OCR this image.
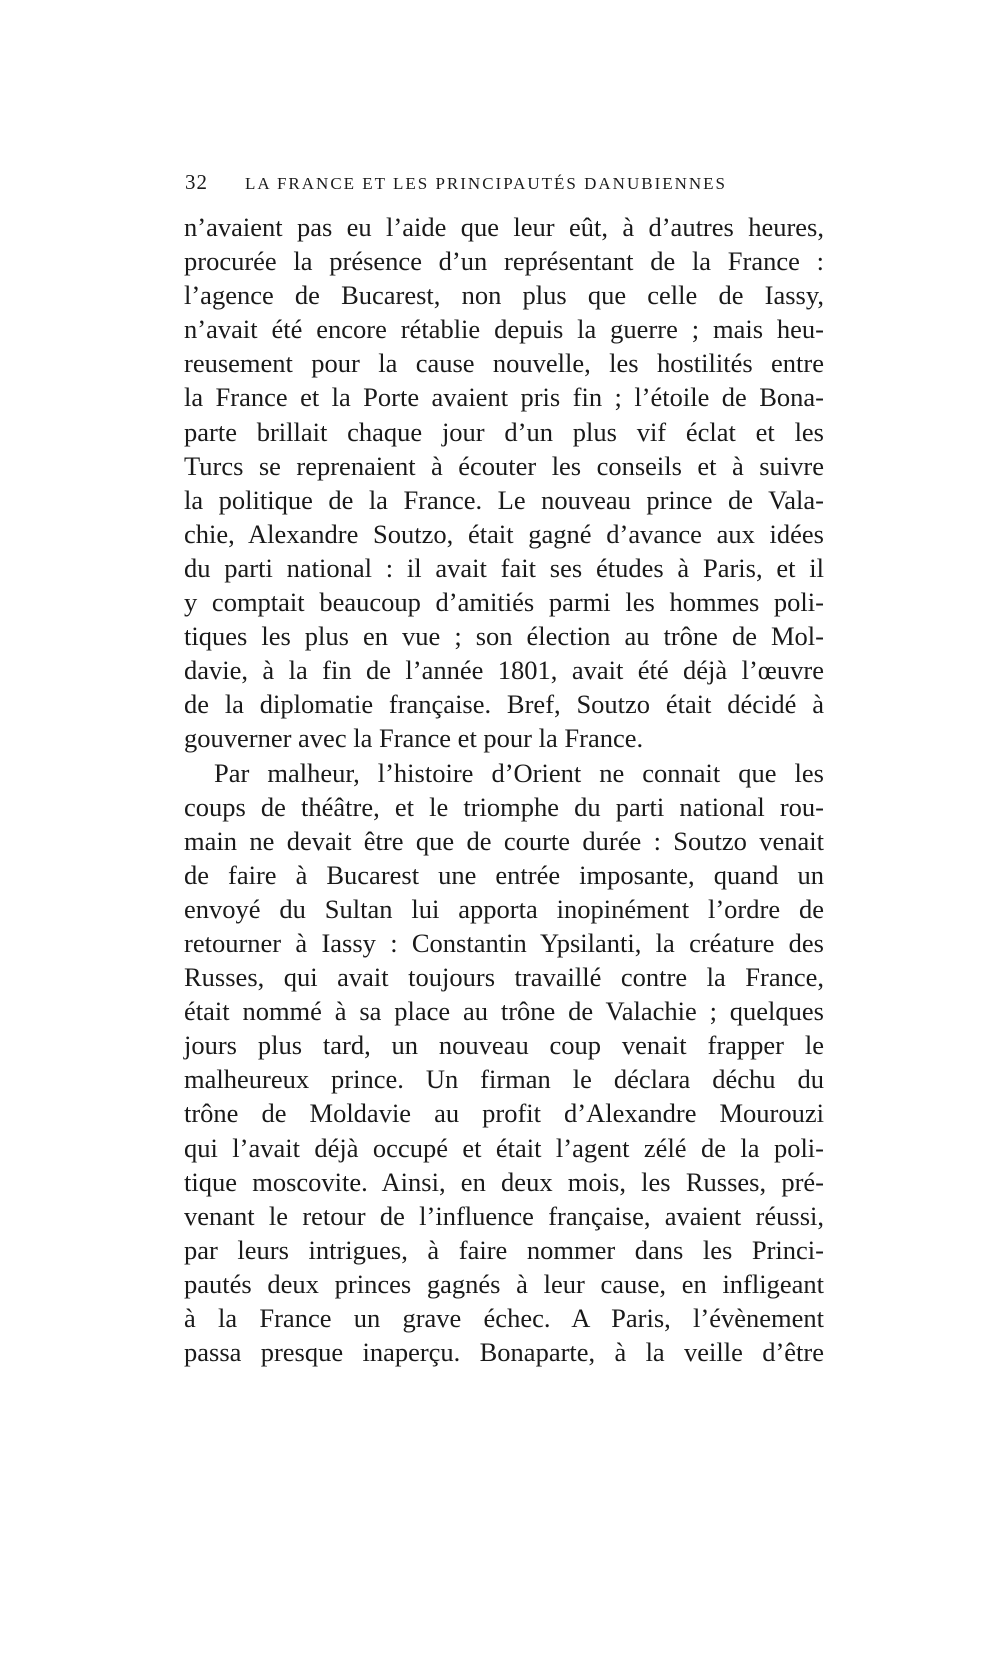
32	LA FRANCE ET LES PRINCIPAUTÉS DANUBIENNES
n’avaient pas eu l’aide que leur eût, à d’autres heures,
procurée la présence d’un représentant de la France :
l’agence de Bucarest, non plus que celle de Iassy,
n’avait été encore rétablie depuis la guerre ; mais heu-
reusement pour la cause nouvelle, les hostilités entre
la France et la Porte avaient pris fin ; l’étoile de Bona-
parte brillait chaque jour d’un plus vif éclat et les
Turcs se reprenaient à écouter les conseils et à suivre
la politique de la France. Le nouveau prince de Vala-
chie, Alexandre Soutzo, était gagné d’avance aux idées
du parti national : il avait fait ses études à Paris, et il
y comptait beaucoup d’amitiés parmi les hommes poli-
tiques les plus en vue ; son élection au trône de Mol-
davie, à la fin de l’année 1801, avait été déjà l’œuvre
de la diplomatie française. Bref, Soutzo était décidé à
gouverner avec la France et pour la France.
Par malheur, l’histoire d’Orient ne connait que les
coups de théâtre, et le triomphe du parti national rou-
main ne devait être que de courte durée : Soutzo venait
de faire à Bucarest une entrée imposante, quand un
envoyé du Sultan lui apporta inopinément l’ordre de
retourner à Iassy : Constantin Ypsilanti, la créature des
Russes, qui avait toujours travaillé contre la France,
était nommé à sa place au trône de Valachie ; quelques
jours plus tard, un nouveau coup venait frapper le
malheureux prince. Un firman le déclara déchu du
trône de Moldavie au profit d’Alexandre Mourouzi
qui l’avait déjà occupé et était l’agent zélé de la poli-
tique moscovite. Ainsi, en deux mois, les Russes, pré-
venant le retour de l’influence française, avaient réussi,
par leurs intrigues, à faire nommer dans les Princi-
pautés deux princes gagnés à leur cause, en infligeant
à la France un grave échec. A Paris, l’évènement
passa presque inaperçu. Bonaparte, à la veille d’être
